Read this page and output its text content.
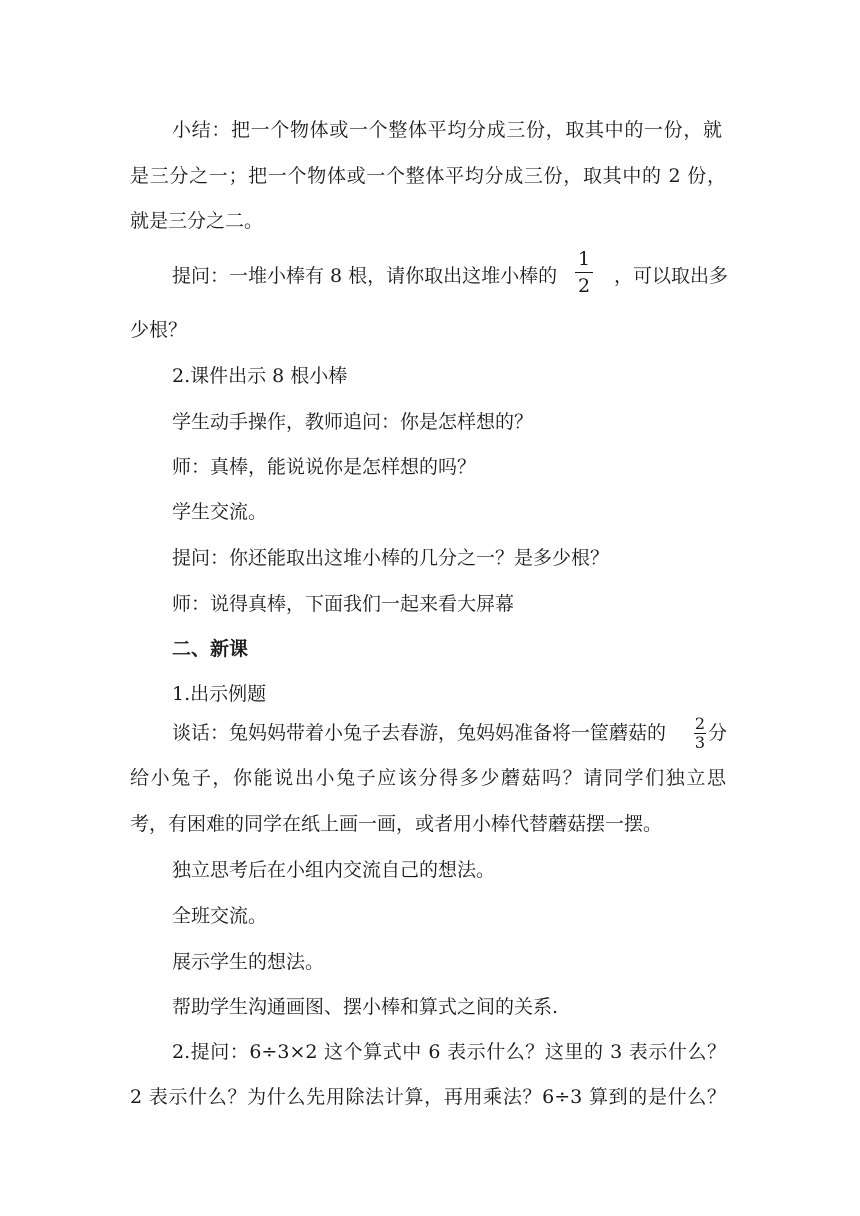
小结：把一个物体或一个整体平均分成三份，取其中的一份，就
是三分之一；把一个物体或一个整体平均分成三份，取其中的 2 份，
就是三分之二。
提问：一堆小棒有 8 根，请你取出这堆小棒的
1
2 ，可以取出多
少根？
2.课件出示 8 根小棒
学生动手操作，教师追问：你是怎样想的？
师：真棒，能说说你是怎样想的吗？
学生交流。
提问：你还能取出这堆小棒的几分之一？是多少根？
师：说得真棒，下面我们一起来看大屏幕
二、新课
1.出示例题
谈话：兔妈妈带着小兔子去春游，兔妈妈准备将一筐蘑菇的 2
3 分
给小兔子，你能说出小兔子应该分得多少蘑菇吗？请同学们独立思
考，有困难的同学在纸上画一画，或者用小棒代替蘑菇摆一摆。
独立思考后在小组内交流自己的想法。
全班交流。
展示学生的想法。
帮助学生沟通画图、摆小棒和算式之间的关系.
2.提问：6÷3×2 这个算式中 6 表示什么？这里的 3 表示什么？
2 表示什么？为什么先用除法计算，再用乘法？6÷3 算到的是什么？
